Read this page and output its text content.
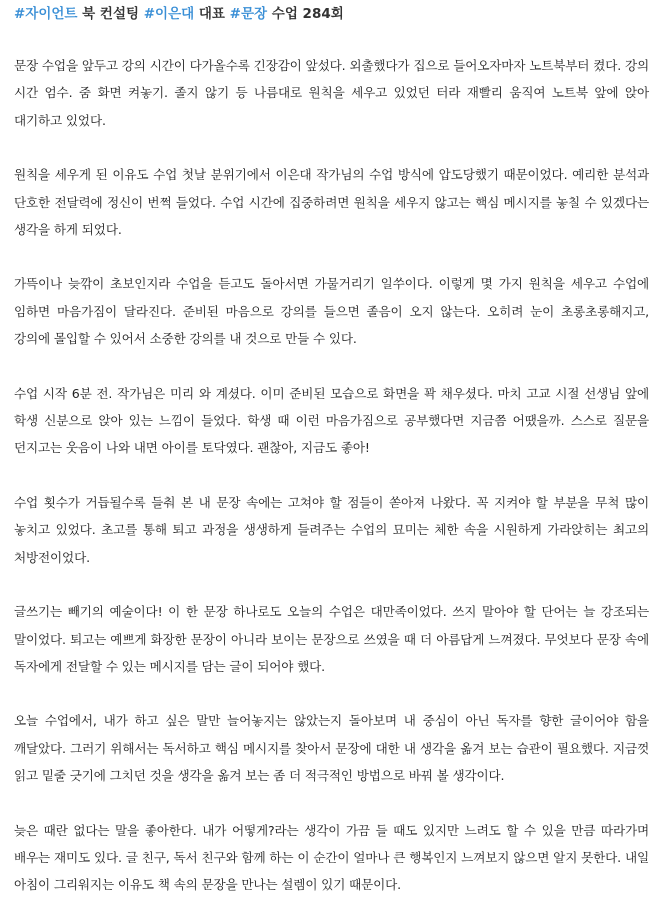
#자이언트 북 컨설팅 #이은대 대표 #문장 수업 284회

문장 수업을 앞두고 강의 시간이 다가올수록 긴장감이 앞섰다. 외출했다가 집으로 들어오자마자 노트북부터 켰다. 강의 시간 엄수. 줌 화면 켜놓기. 졸지 않기 등 나름대로 원칙을 세우고 있었던 터라 재빨리 움직여 노트북 앞에 앉아 대기하고 있었다.

원칙을 세우게 된 이유도 수업 첫날 분위기에서 이은대 작가님의 수업 방식에 압도당했기 때문이었다. 예리한 분석과 단호한 전달력에 정신이 번쩍 들었다. 수업 시간에 집중하려면 원칙을 세우지 않고는 핵심 메시지를 놓칠 수 있겠다는 생각을 하게 되었다.

가뜩이나 늦깎이 초보인지라 수업을 듣고도 돌아서면 가물거리기 일쑤이다. 이렇게 몇 가지 원칙을 세우고 수업에 임하면 마음가짐이 달라진다. 준비된 마음으로 강의를 들으면 졸음이 오지 않는다. 오히려 눈이 초롱초롱해지고, 강의에 몰입할 수 있어서 소중한 강의를 내 것으로 만들 수 있다.

수업 시작 6분 전. 작가님은 미리 와 계셨다. 이미 준비된 모습으로 화면을 꽉 채우셨다. 마치 고교 시절 선생님 앞에 학생 신분으로 앉아 있는 느낌이 들었다. 학생 때 이런 마음가짐으로 공부했다면 지금쯤 어땠을까. 스스로 질문을 던지고는 웃음이 나와 내면 아이를 토닥였다. 괜찮아, 지금도 좋아!

수업 횟수가 거듭될수록 들춰 본 내 문장 속에는 고쳐야 할 점들이 쏟아져 나왔다. 꼭 지켜야 할 부분을 무척 많이 놓치고 있었다. 초고를 통해 퇴고 과정을 생생하게 들려주는 수업의 묘미는 체한 속을 시원하게 가라앉히는 최고의 처방전이었다.

글쓰기는 빼기의 예술이다! 이 한 문장 하나로도 오늘의 수업은 대만족이었다. 쓰지 말아야 할 단어는 늘 강조되는 말이었다. 퇴고는 예쁘게 화장한 문장이 아니라 보이는 문장으로 쓰였을 때 더 아름답게 느껴졌다. 무엇보다 문장 속에 독자에게 전달할 수 있는 메시지를 담는 글이 되어야 했다.

오늘 수업에서, 내가 하고 싶은 말만 늘어놓지는 않았는지 돌아보며 내 중심이 아닌 독자를 향한 글이어야 함을 깨달았다. 그러기 위해서는 독서하고 핵심 메시지를 찾아서 문장에 대한 내 생각을 옮겨 보는 습관이 필요했다. 지금껏 읽고 밑줄 긋기에 그치던 것을 생각을 옮겨 보는 좀 더 적극적인 방법으로 바꿔 볼 생각이다.

늦은 때란 없다는 말을 좋아한다. 내가 어떻게?라는 생각이 가끔 들 때도 있지만 느려도 할 수 있을 만큼 따라가며 배우는 재미도 있다. 글 친구, 독서 친구와 함께 하는 이 순간이 얼마나 큰 행복인지 느껴보지 않으면 알지 못한다. 내일 아침이 그리워지는 이유도 책 속의 문장을 만나는 설렘이 있기 때문이다.
